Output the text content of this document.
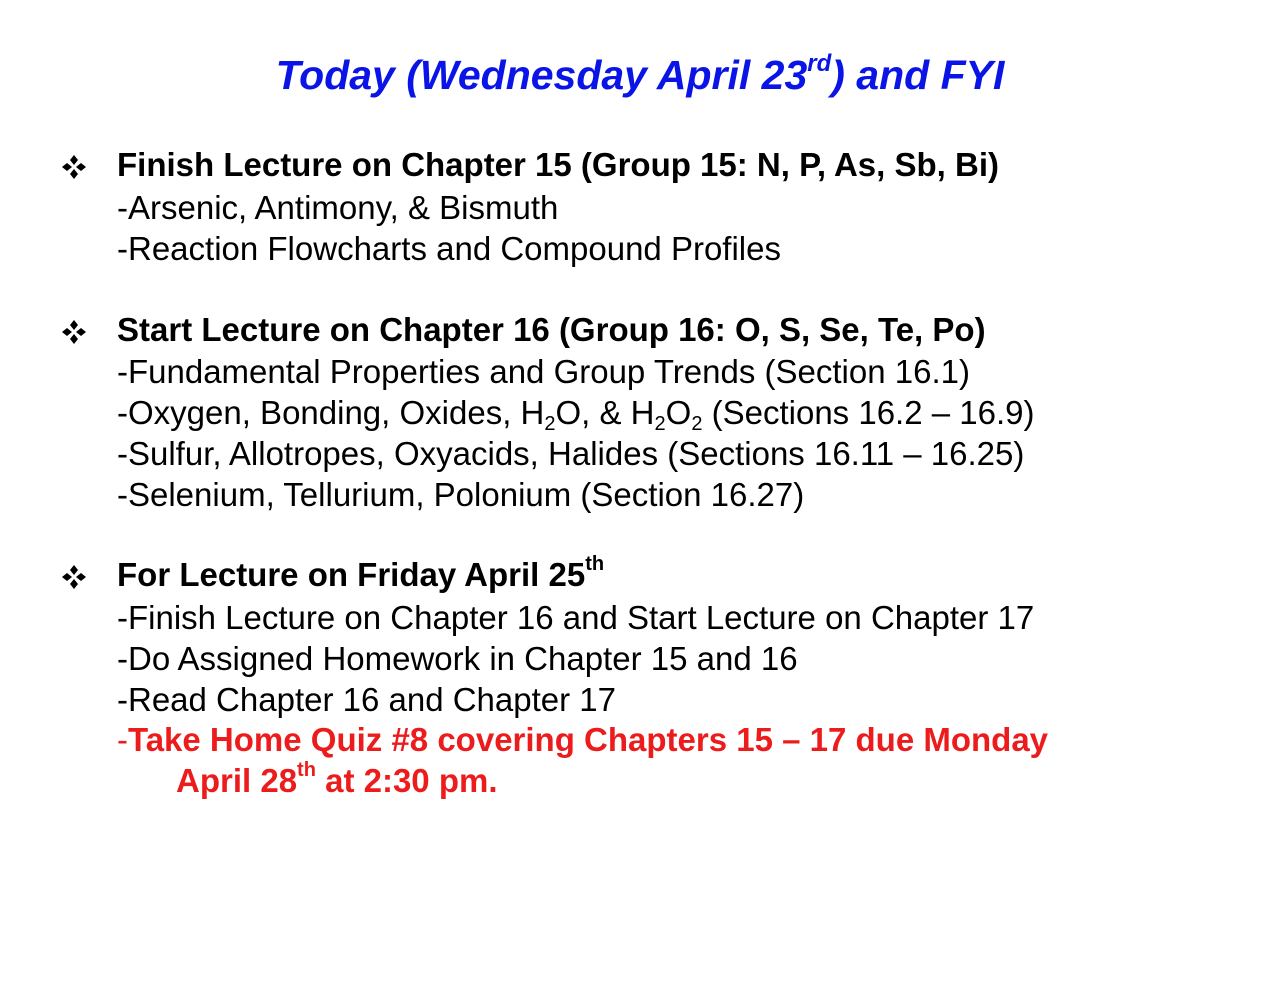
Today (Wednesday April 23rd) and FYI
Finish Lecture on Chapter 15 (Group 15: N, P, As, Sb, Bi)
-Arsenic, Antimony, & Bismuth
-Reaction Flowcharts and Compound Profiles
Start Lecture on Chapter 16 (Group 16: O, S, Se, Te, Po)
-Fundamental Properties and Group Trends (Section 16.1)
-Oxygen, Bonding, Oxides, $H_2O$, & $H_2O_2$ (Sections 16.2 – 16.9)
-Sulfur, Allotropes, Oxyacids, Halides (Sections 16.11 – 16.25)
-Selenium, Tellurium, Polonium (Section 16.27)
For Lecture on Friday April 25th
-Finish Lecture on Chapter 16 and Start Lecture on Chapter 17
-Do Assigned Homework in Chapter 15 and 16
-Read Chapter 16 and Chapter 17
-Take Home Quiz #8 covering Chapters 15 – 17 due Monday
April 28th at 2:30 pm.
